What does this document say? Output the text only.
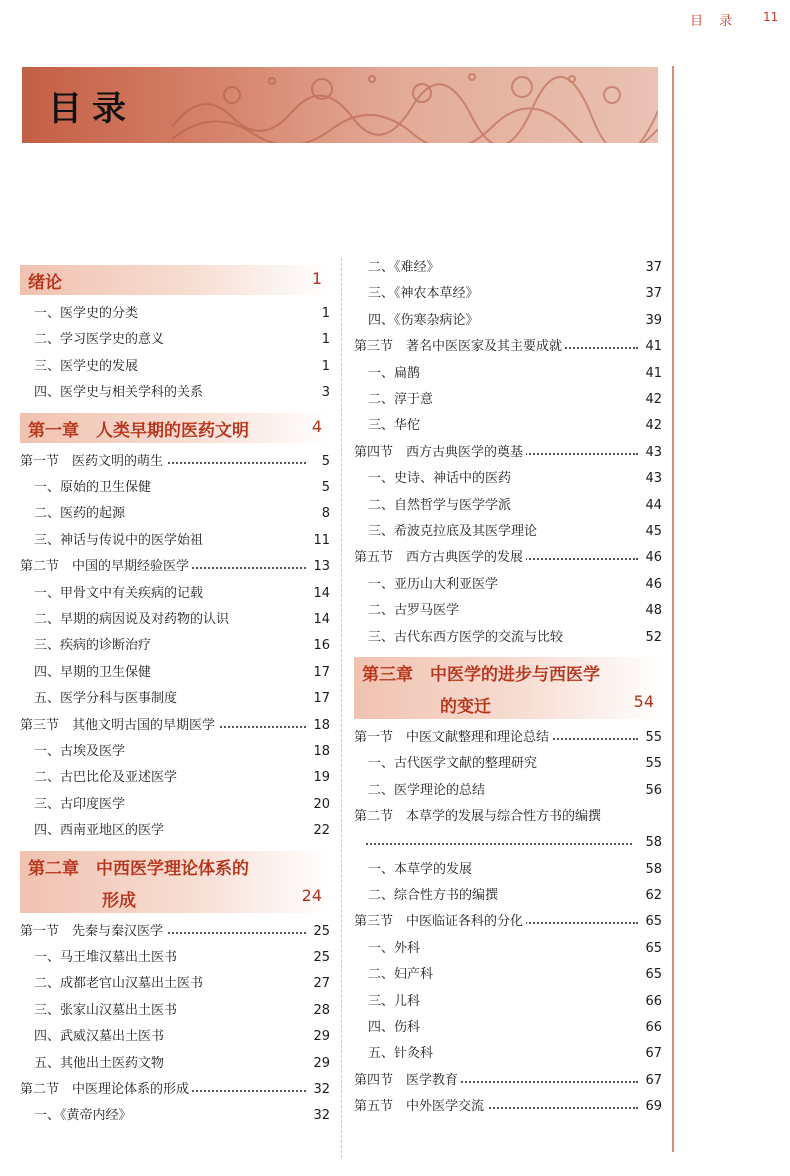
目 录 11
目录
绪论	1
一、医学史的分类	1
二、学习医学史的意义	1
三、医学史的发展	1
四、医学史与相关学科的关系	3
第一章　人类早期的医药文明	4
第一节　医药文明的萌生	5
一、原始的卫生保健	5
二、医药的起源	8
三、神话与传说中的医学始祖	11
第二节　中国的早期经验医学	13
一、甲骨文中有关疾病的记载	14
二、早期的病因说及对药物的认识	14
三、疾病的诊断治疗	16
四、早期的卫生保健	17
五、医学分科与医事制度	17
第三节　其他文明古国的早期医学	18
一、古埃及医学	18
二、古巴比伦及亚述医学	19
三、古印度医学	20
四、西南亚地区的医学	22
第二章　中西医学理论体系的
形成	24
第一节　先秦与秦汉医学	25
一、马王堆汉墓出土医书	25
二、成都老官山汉墓出土医书	27
三、张家山汉墓出土医书	28
四、武威汉墓出土医书	29
五、其他出土医药文物	29
第二节　中医理论体系的形成	32
一、《黄帝内经》	32
二、《难经》	37
三、《神农本草经》	37
四、《伤寒杂病论》	39
第三节　著名中医医家及其主要成就	41
一、扁鹊	41
二、淳于意	42
三、华佗	42
第四节　西方古典医学的奠基	43
一、史诗、神话中的医药	43
二、自然哲学与医学学派	44
三、希波克拉底及其医学理论	45
第五节　西方古典医学的发展	46
一、亚历山大利亚医学	46
二、古罗马医学	48
三、古代东西方医学的交流与比较	52
第三章　中医学的进步与西医学
的变迁	54
第一节　中医文献整理和理论总结	55
一、古代医学文献的整理研究	55
二、医学理论的总结	56
第二节　本草学的发展与综合性方书的编撰
58
一、本草学的发展	58
二、综合性方书的编撰	62
第三节　中医临证各科的分化	65
一、外科	65
二、妇产科	65
三、儿科	66
四、伤科	66
五、针灸科	67
第四节　医学教育	67
第五节　中外医学交流	69
